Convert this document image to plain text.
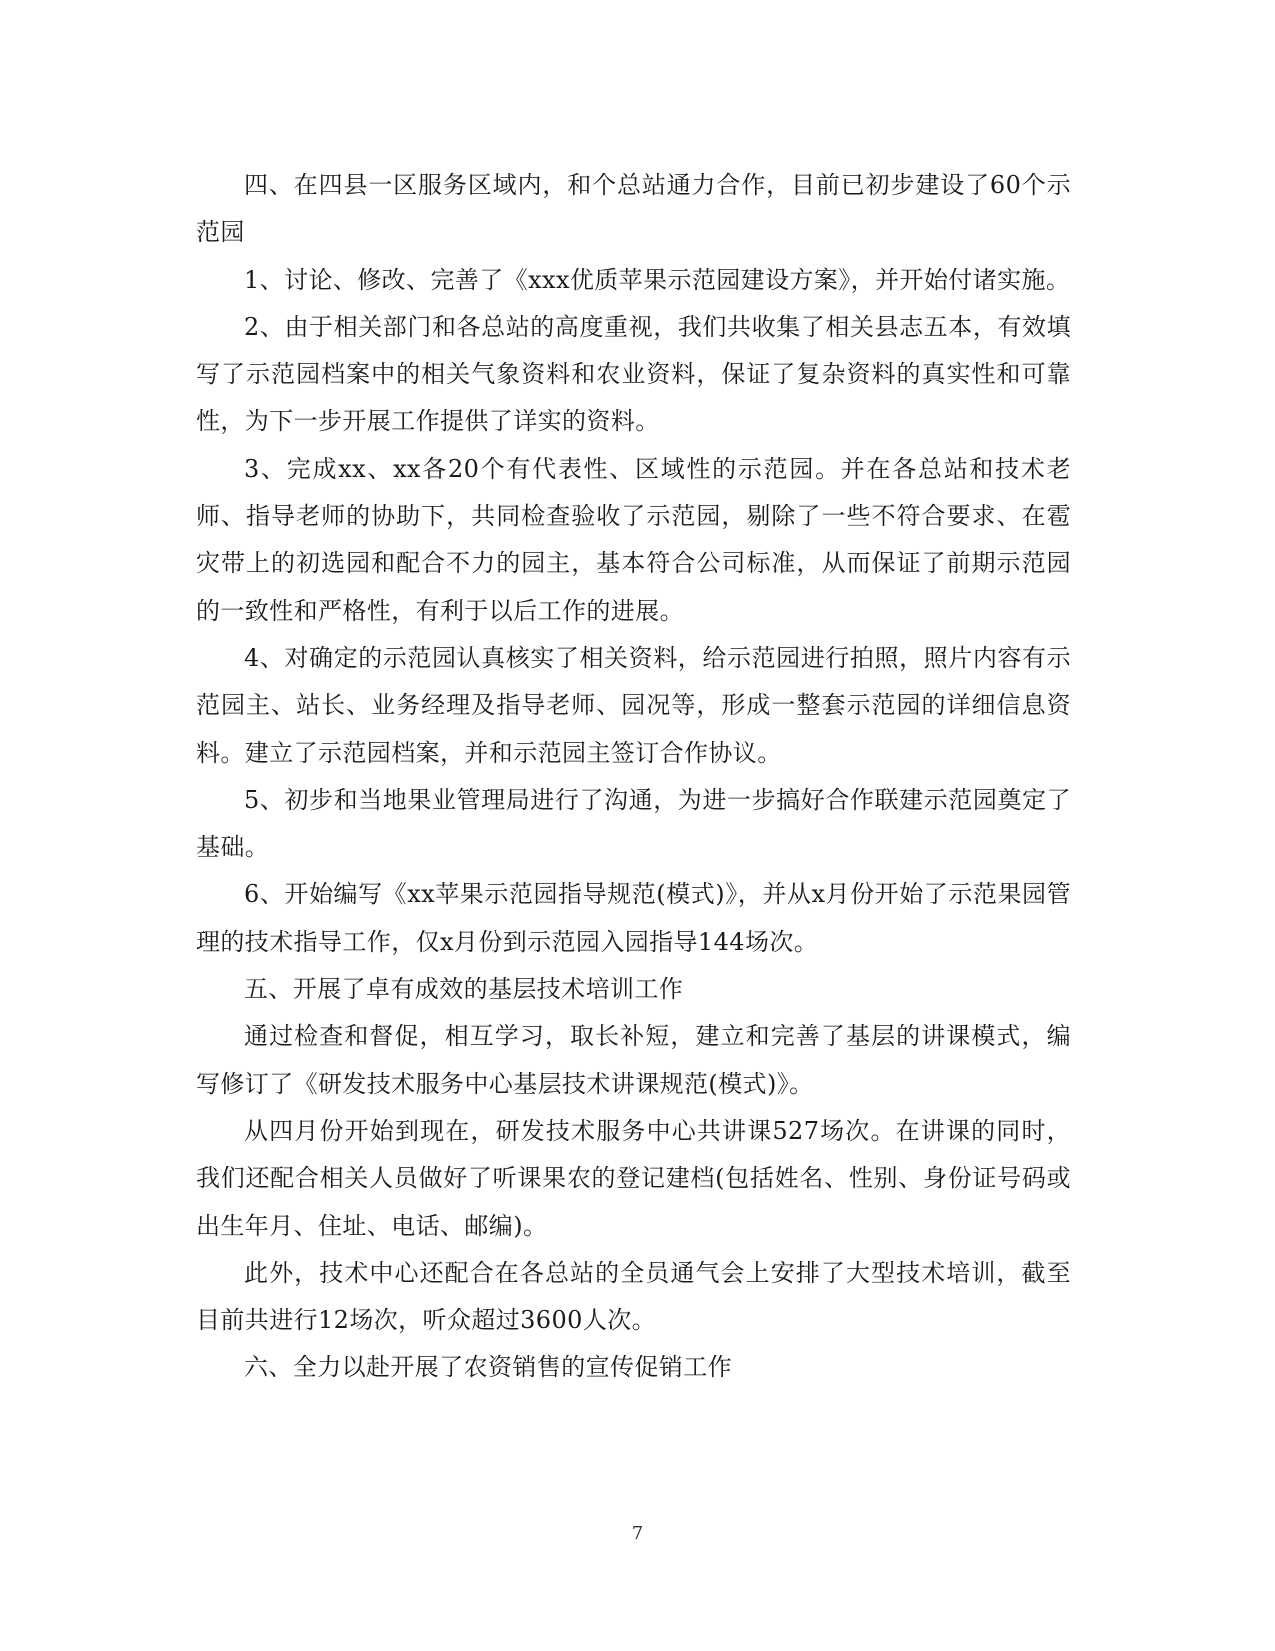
四、在四县一区服务区域内，和个总站通力合作，目前已初步建设了60个示范园

1、讨论、修改、完善了《xxx优质苹果示范园建设方案》，并开始付诸实施。

2、由于相关部门和各总站的高度重视，我们共收集了相关县志五本，有效填写了示范园档案中的相关气象资料和农业资料，保证了复杂资料的真实性和可靠性，为下一步开展工作提供了详实的资料。

3、完成xx、xx各20个有代表性、区域性的示范园。并在各总站和技术老师、指导老师的协助下，共同检查验收了示范园，剔除了一些不符合要求、在雹灾带上的初选园和配合不力的园主，基本符合公司标准，从而保证了前期示范园的一致性和严格性，有利于以后工作的进展。

4、对确定的示范园认真核实了相关资料，给示范园进行拍照，照片内容有示范园主、站长、业务经理及指导老师、园况等，形成一整套示范园的详细信息资料。建立了示范园档案，并和示范园主签订合作协议。

5、初步和当地果业管理局进行了沟通，为进一步搞好合作联建示范园奠定了基础。

6、开始编写《xx苹果示范园指导规范(模式)》，并从x月份开始了示范果园管理的技术指导工作，仅x月份到示范园入园指导144场次。

五、开展了卓有成效的基层技术培训工作

通过检查和督促，相互学习，取长补短，建立和完善了基层的讲课模式，编写修订了《研发技术服务中心基层技术讲课规范(模式)》。

从四月份开始到现在，研发技术服务中心共讲课527场次。在讲课的同时，我们还配合相关人员做好了听课果农的登记建档(包括姓名、性别、身份证号码或出生年月、住址、电话、邮编)。

此外，技术中心还配合在各总站的全员通气会上安排了大型技术培训，截至目前共进行12场次，听众超过3600人次。

六、全力以赴开展了农资销售的宣传促销工作

7
